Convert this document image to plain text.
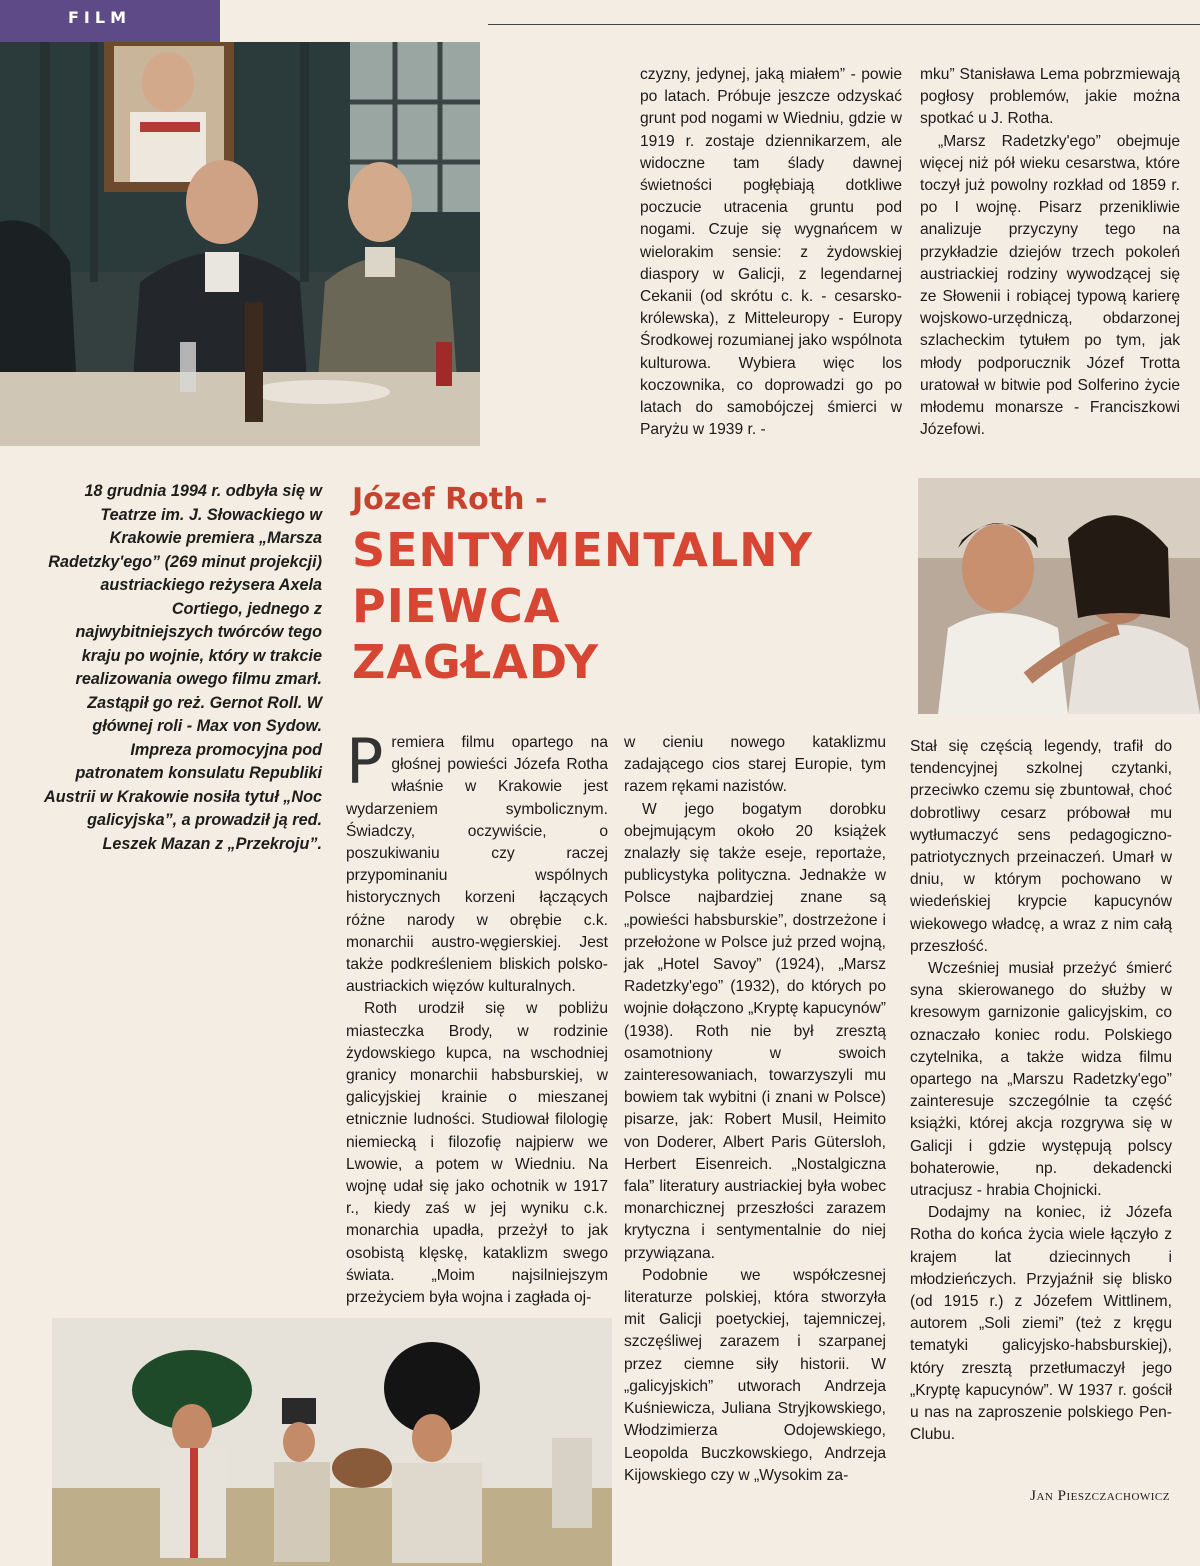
FILM

czyzny, jedynej, jaką miałem” - powie po latach. Próbuje jeszcze odzyskać grunt pod nogami w Wiedniu, gdzie w 1919 r. zostaje dziennikarzem, ale widoczne tam ślady dawnej świetności pogłębiają dotkliwe poczucie utracenia gruntu pod nogami. Czuje się wygnańcem w wielorakim sensie: z żydowskiej diaspory w Galicji, z legendarnej Cekanii (od skrótu c. k. - cesarsko-królewska), z Mitteleuropy - Europy Środkowej rozumianej jako wspólnota kulturowa. Wybiera więc los koczownika, co doprowadzi go po latach do samobójczej śmierci w Paryżu w 1939 r. -

mku” Stanisława Lema pobrzmiewają pogłosy problemów, jakie można spotkać u J. Rotha.

„Marsz Radetzky'ego” obejmuje więcej niż pół wieku cesarstwa, które toczył już powolny rozkład od 1859 r. po I wojnę. Pisarz przenikliwie analizuje przyczyny tego na przykładzie dziejów trzech pokoleń austriackiej rodziny wywodzącej się ze Słowenii i robiącej typową karierę wojskowo-urzędniczą, obdarzonej szlacheckim tytułem po tym, jak młody podporucznik Józef Trotta uratował w bitwie pod Solferino życie młodemu monarsze - Franciszkowi Józefowi.

18 grudnia 1994 r. odbyła się w Teatrze im. J. Słowackiego w Krakowie premiera „Marsza Radetzky'ego” (269 minut projekcji) austriackiego reżysera Axela Cortiego, jednego z najwybitniejszych twórców tego kraju po wojnie, który w trakcie realizowania owego filmu zmarł. Zastąpił go reż. Gernot Roll. W głównej roli - Max von Sydow. Impreza promocyjna pod patronatem konsulatu Republiki Austrii w Krakowie nosiła tytuł „Noc galicyjska”, a prowadził ją red. Leszek Mazan z „Przekroju”.
Józef Roth -
SENTYMENTALNY
PIEWCA
ZAGŁADY

Premiera filmu opartego na głośnej powieści Józefa Rotha właśnie w Krakowie jest wydarzeniem symbolicznym. Świadczy, oczywiście, o poszukiwaniu czy raczej przypominaniu wspólnych historycznych korzeni łączących różne narody w obrębie c.k. monarchii austro-węgierskiej. Jest także podkreśleniem bliskich polsko-austriackich więzów kulturalnych.

Roth urodził się w pobliżu miasteczka Brody, w rodzinie żydowskiego kupca, na wschodniej granicy monarchii habsburskiej, w galicyjskiej krainie o mieszanej etnicznie ludności. Studiował filologię niemiecką i filozofię najpierw we Lwowie, a potem w Wiedniu. Na wojnę udał się jako ochotnik w 1917 r., kiedy zaś w jej wyniku c.k. monarchia upadła, przeżył to jak osobistą klęskę, kataklizm swego świata. „Moim najsilniejszym przeżyciem była wojna i zagłada oj-

w cieniu nowego kataklizmu zadającego cios starej Europie, tym razem rękami nazistów.

W jego bogatym dorobku obejmującym około 20 książek znalazły się także eseje, reportaże, publicystyka polityczna. Jednakże w Polsce najbardziej znane są „powieści habsburskie”, dostrzeżone i przełożone w Polsce już przed wojną, jak „Hotel Savoy” (1924), „Marsz Radetzky'ego” (1932), do których po wojnie dołączono „Kryptę kapucynów” (1938). Roth nie był zresztą osamotniony w swoich zainteresowaniach, towarzyszyli mu bowiem tak wybitni (i znani w Polsce) pisarze, jak: Robert Musil, Heimito von Doderer, Albert Paris Gütersloh, Herbert Eisenreich. „Nostalgiczna fala” literatury austriackiej była wobec monarchicznej przeszłości zarazem krytyczna i sentymentalnie do niej przywiązana.

Podobnie we współczesnej literaturze polskiej, która stworzyła mit Galicji poetyckiej, tajemniczej, szczęśliwej zarazem i szarpanej przez ciemne siły historii. W „galicyjskich” utworach Andrzeja Kuśniewicza, Juliana Stryjkowskiego, Włodzimierza Odojewskiego, Leopolda Buczkowskiego, Andrzeja Kijowskiego czy w „Wysokim za-

Stał się częścią legendy, trafił do tendencyjnej szkolnej czytanki, przeciwko czemu się zbuntował, choć dobrotliwy cesarz próbował mu wytłumaczyć sens pedagogiczno-patriotycznych przeinaczeń. Umarł w dniu, w którym pochowano w wiedeńskiej krypcie kapucynów wiekowego władcę, a wraz z nim całą przeszłość.

Wcześniej musiał przeżyć śmierć syna skierowanego do służby w kresowym garnizonie galicyjskim, co oznaczało koniec rodu. Polskiego czytelnika, a także widza filmu opartego na „Marszu Radetzky'ego” zainteresuje szczególnie ta część książki, której akcja rozgrywa się w Galicji i gdzie występują polscy bohaterowie, np. dekadencki utracjusz - hrabia Chojnicki.

Dodajmy na koniec, iż Józefa Rotha do końca życia wiele łączyło z krajem lat dziecinnych i młodzieńczych. Przyjaźnił się blisko (od 1915 r.) z Józefem Wittlinem, autorem „Soli ziemi” (też z kręgu tematyki galicyjsko-habsburskiej), który zresztą przetłumaczył jego „Kryptę kapucynów”. W 1937 r. gościł u nas na zaproszenie polskiego Pen-Clubu.

Jan Pieszczachowicz
